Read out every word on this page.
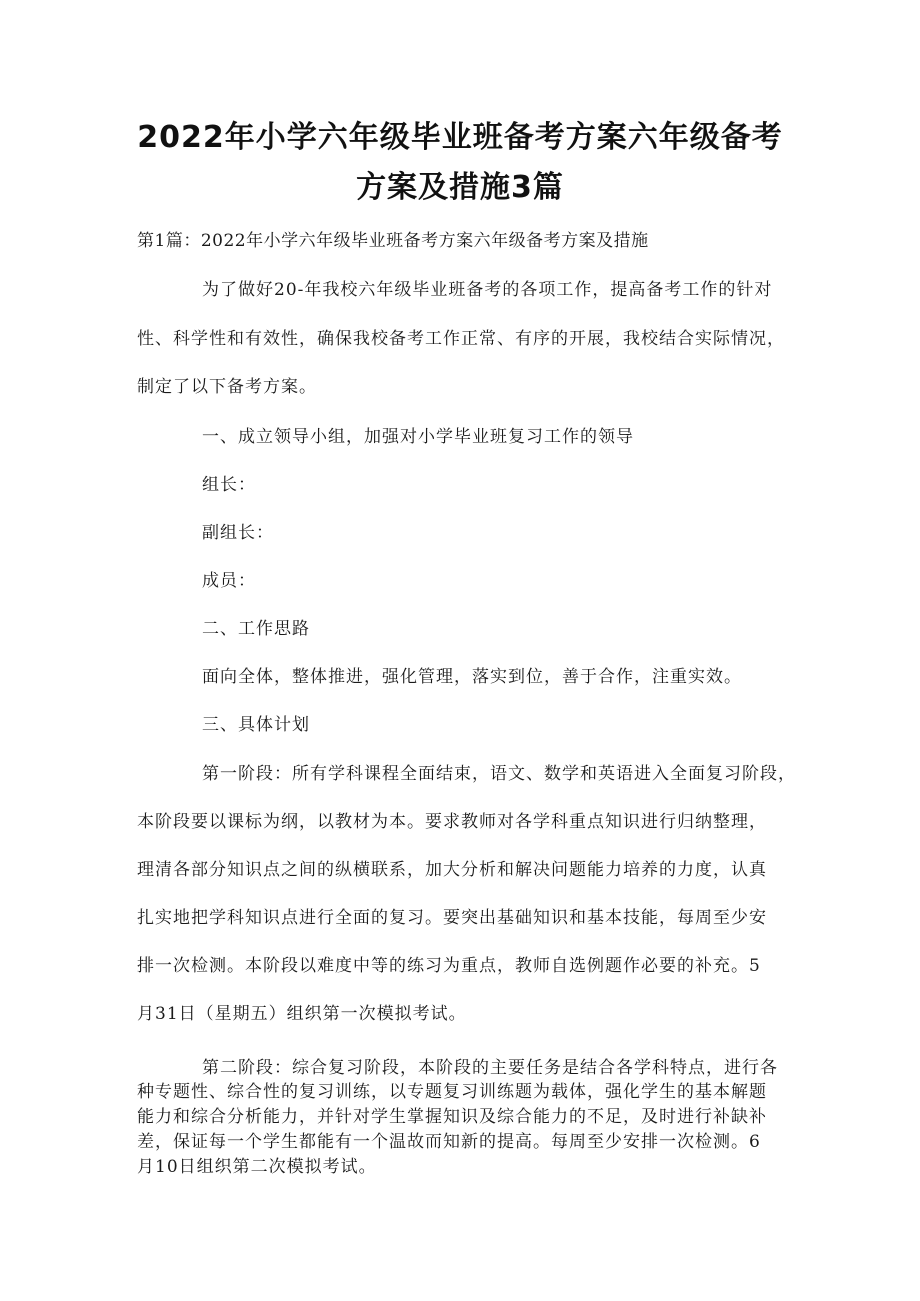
2022年小学六年级毕业班备考方案六年级备考
方案及措施3篇

第1篇：2022年小学六年级毕业班备考方案六年级备考方案及措施

为了做好20-年我校六年级毕业班备考的各项工作，提高备考工作的针对

性、科学性和有效性，确保我校备考工作正常、有序的开展，我校结合实际情况，

制定了以下备考方案。

一、成立领导小组，加强对小学毕业班复习工作的领导

组长：

副组长：

成员：

二、工作思路

面向全体，整体推进，强化管理，落实到位，善于合作，注重实效。

三、具体计划

第一阶段：所有学科课程全面结束，语文、数学和英语进入全面复习阶段，

本阶段要以课标为纲，以教材为本。要求教师对各学科重点知识进行归纳整理，

理清各部分知识点之间的纵横联系，加大分析和解决问题能力培养的力度，认真

扎实地把学科知识点进行全面的复习。要突出基础知识和基本技能，每周至少安

排一次检测。本阶段以难度中等的练习为重点，教师自选例题作必要的补充。5

月31日（星期五）组织第一次模拟考试。

第二阶段：综合复习阶段，本阶段的主要任务是结合各学科特点，进行各

种专题性、综合性的复习训练，以专题复习训练题为载体，强化学生的基本解题

能力和综合分析能力，并针对学生掌握知识及综合能力的不足，及时进行补缺补

差，保证每一个学生都能有一个温故而知新的提高。每周至少安排一次检测。6

月10日组织第二次模拟考试。
